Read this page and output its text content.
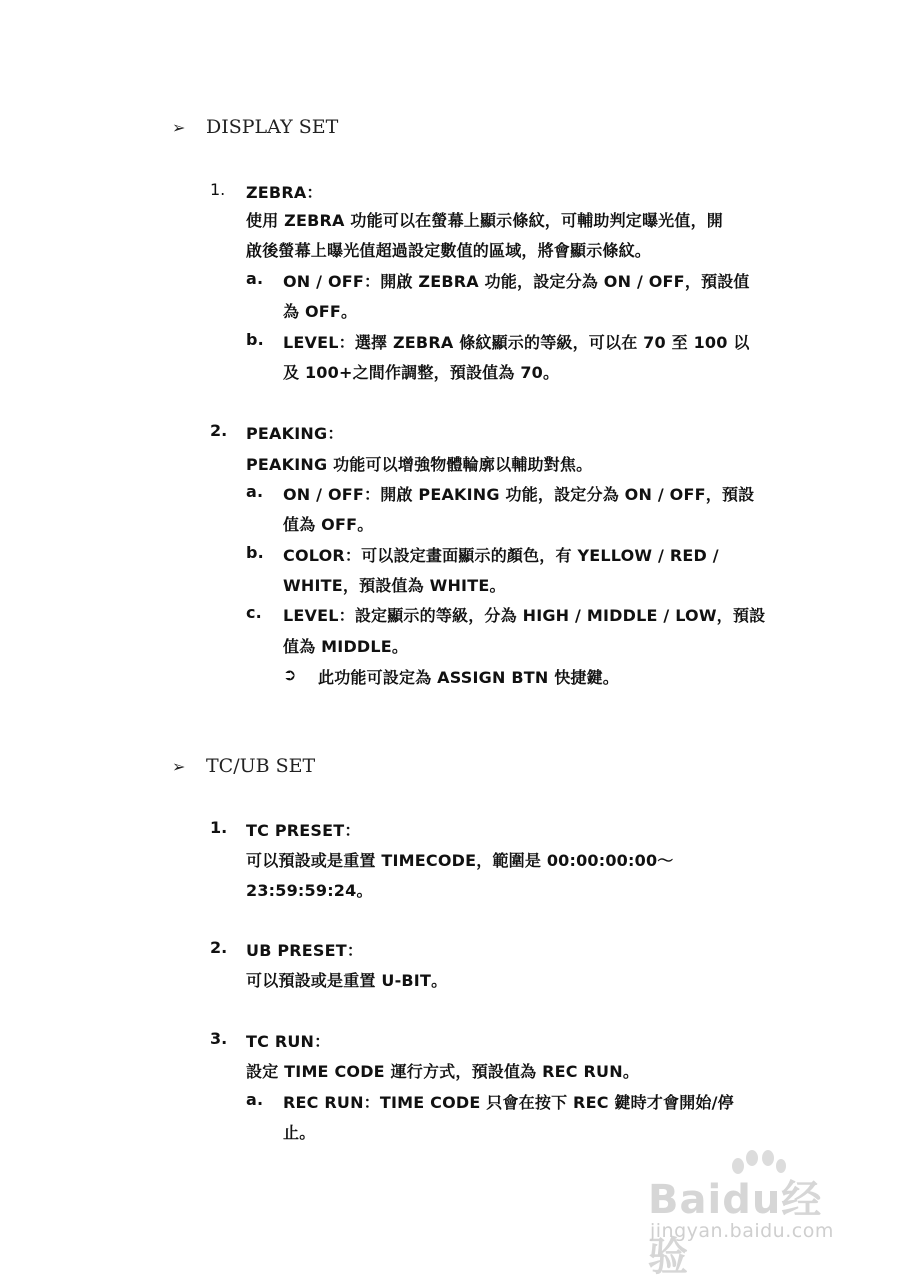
➢ DISPLAY SET
1. ZEBRA：
使用 ZEBRA 功能可以在螢幕上顯示條紋，可輔助判定曝光值，開
啟後螢幕上曝光值超過設定數值的區域，將會顯示條紋。
a. ON / OFF：開啟 ZEBRA 功能，設定分為 ON / OFF，預設值
為 OFF。
b. LEVEL：選擇 ZEBRA 條紋顯示的等級，可以在 70 至 100 以
及 100+之間作調整，預設值為 70。
2. PEAKING：
PEAKING 功能可以增強物體輪廓以輔助對焦。
a. ON / OFF：開啟 PEAKING 功能，設定分為 ON / OFF，預設
值為 OFF。
b. COLOR：可以設定畫面顯示的顏色，有 YELLOW / RED /
WHITE，預設值為 WHITE。
c. LEVEL：設定顯示的等級，分為 HIGH / MIDDLE / LOW，預設
值為 MIDDLE。
➲ 此功能可設定為 ASSIGN BTN 快捷鍵。
➢ TC/UB SET
1. TC PRESET：
可以預設或是重置 TIMECODE，範圍是 00:00:00:00～
23:59:59:24。
2. UB PRESET：
可以預設或是重置 U-BIT。
3. TC RUN：
設定 TIME CODE 運行方式，預設值為 REC RUN。
a. REC RUN：TIME CODE 只會在按下 REC 鍵時才會開始/停
止。
Baidu经验
jingyan.baidu.com
